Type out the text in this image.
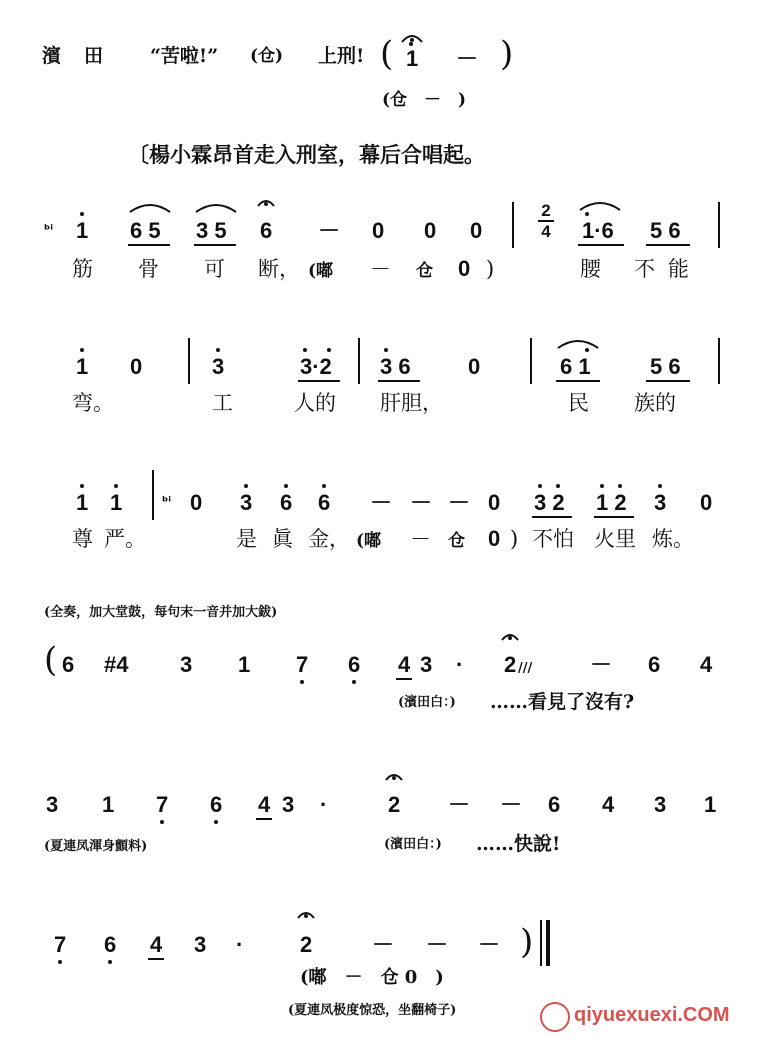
濱　田 “苦啦!” (仓) 上刑! ( 1 － )
(仓　－　)
〔楊小霖昂首走入刑室，幕后合唱起。
ᵇⁱ 1 6 5 3 5 6 － 0 0 0
2
4 1·6 5 6
筋 骨 可 断， (嘟 － 仓 0 )	腰 不 能
1 0	3	3·2 3 6	0	6 1	5 6
弯。	工	人的 肝胆，	民 族的
1 1	ᵇⁱ 0 3 6 6 － － － 0 3 2 1 2 3 0
尊 严。	是 眞 金， (嘟 － 仓 0 ) 不怕 火里 炼。
(全奏，加大堂鼓，每句末一音并加大鈸)
( 6 #4 3 1 7 6 4 3 · 2 ///	－ 6 4
(濱田白：) ……看見了沒有?
3 1 7 6 4 3 ·	2 － － 6 4 3 1
(夏連凤渾身顫料)	(濱田白：) ……快說!
7 6 4 3 ·	2	－ － － )
(嘟　－　仓 0　)
(夏連凤极度惊恐，坐翻椅子)	qiyuexuexi.COM
